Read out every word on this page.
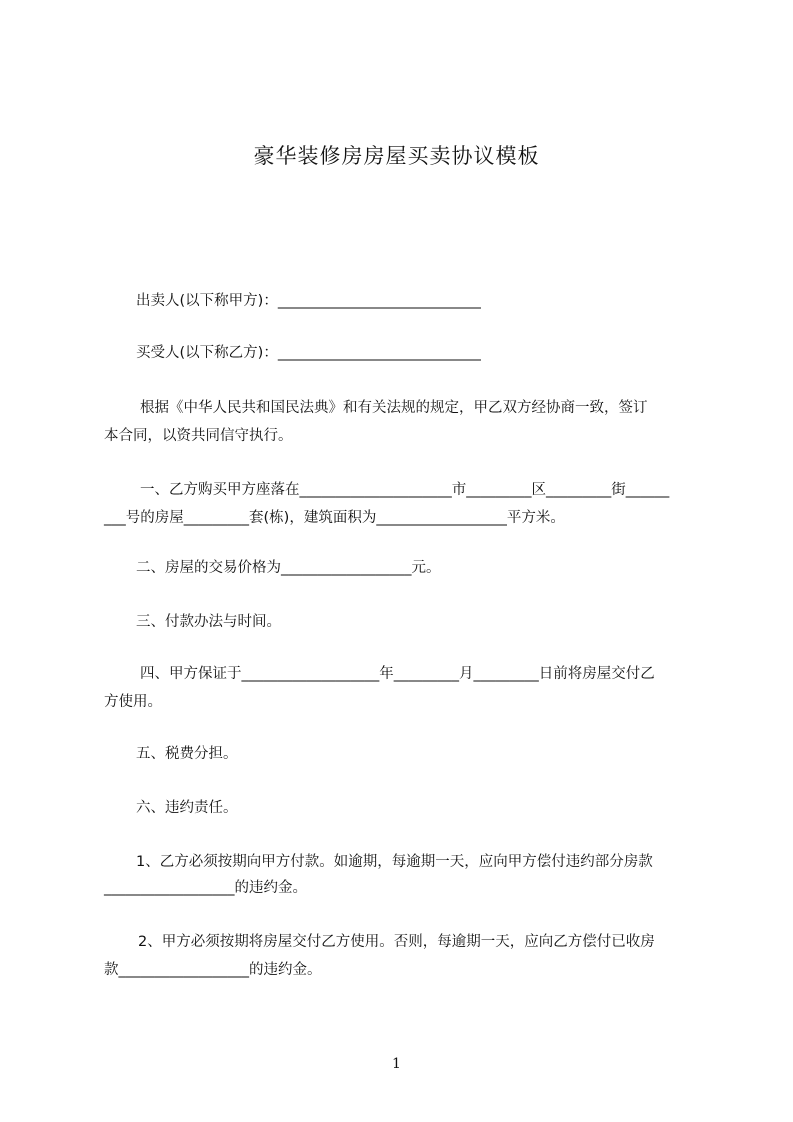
豪华装修房房屋买卖协议模板
出卖人(以下称甲方)：____________________________
买受人(以下称乙方)：____________________________
根据《中华人民共和国民法典》和有关法规的规定，甲乙双方经协商一致，签订
本合同，以资共同信守执行。
一、乙方购买甲方座落在_____________________市_________区_________街______
___号的房屋_________套(栋)，建筑面积为__________________平方米。
二、房屋的交易价格为__________________元。
三、付款办法与时间。
四、甲方保证于___________________年_________月_________日前将房屋交付乙
方使用。
五、税费分担。
六、违约责任。
1、乙方必须按期向甲方付款。如逾期，每逾期一天，应向甲方偿付违约部分房款
__________________的违约金。
2、甲方必须按期将房屋交付乙方使用。否则，每逾期一天，应向乙方偿付已收房
款__________________的违约金。
1
